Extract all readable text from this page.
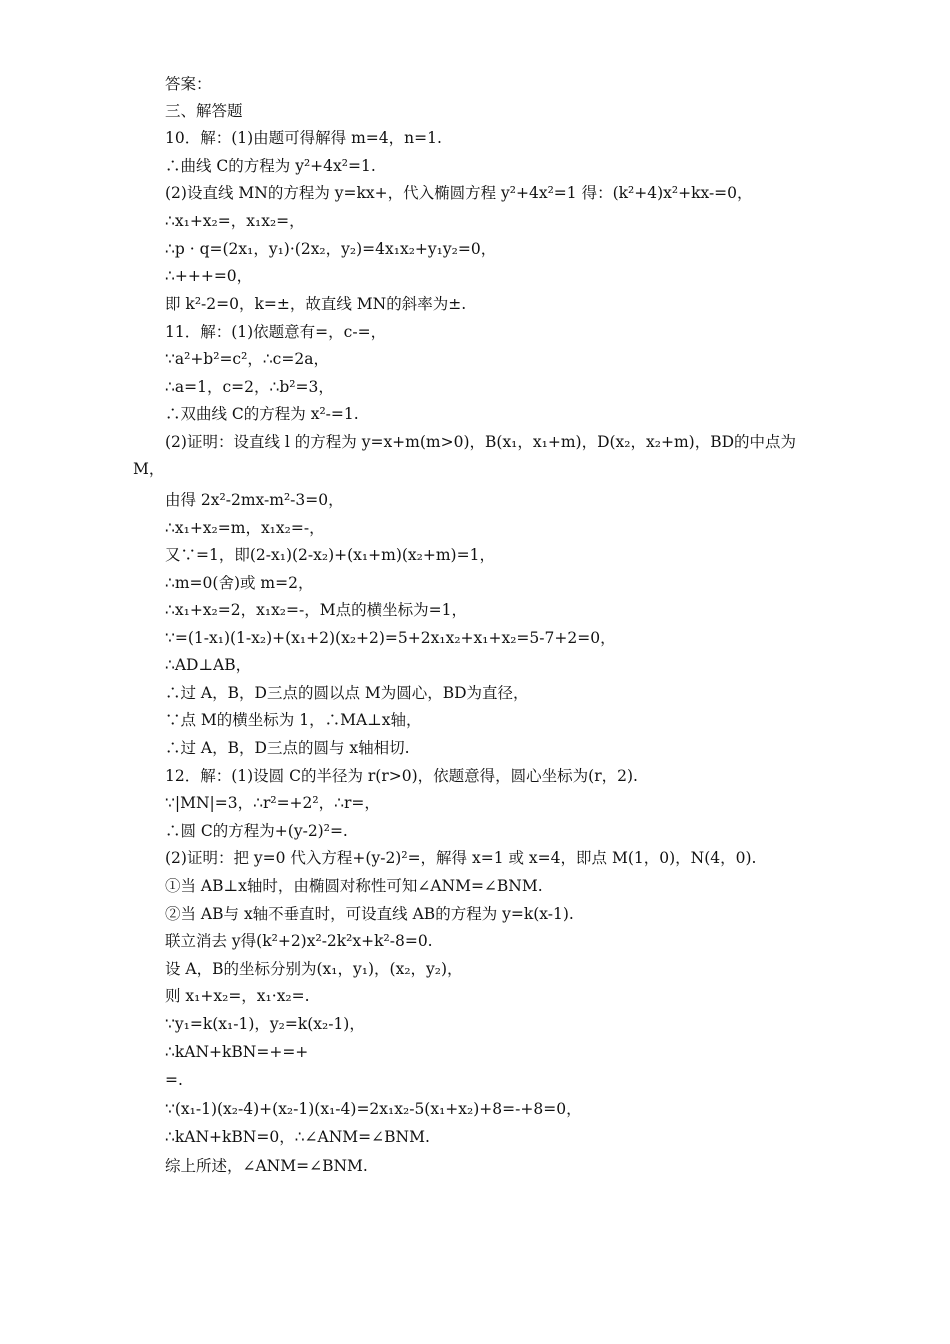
答案：
三、解答题
10．解：(1)由题可得解得 m=4，n=1.
∴曲线 C的方程为 y²+4x²=1.
(2)设直线 MN的方程为 y=kx+，代入椭圆方程 y²+4x²=1 得：(k²+4)x²+kx-=0，
∴x₁+x₂=，x₁x₂=，
∴p · q=(2x₁，y₁)·(2x₂，y₂)=4x₁x₂+y₁y₂=0，
∴+++=0，
即 k²-2=0，k=±，故直线 MN的斜率为±.
11．解：(1)依题意有=，c-=，
∵a²+b²=c²，∴c=2a，
∴a=1，c=2，∴b²=3，
∴双曲线 C的方程为 x²-=1.
(2)证明：设直线 l 的方程为 y=x+m(m>0)，B(x₁，x₁+m)，D(x₂，x₂+m)，BD的中点为
M，
由得 2x²-2mx-m²-3=0，
∴x₁+x₂=m，x₁x₂=-，
又∵=1，即(2-x₁)(2-x₂)+(x₁+m)(x₂+m)=1，
∴m=0(舍)或 m=2，
∴x₁+x₂=2，x₁x₂=-，M点的横坐标为=1，
∵=(1-x₁)(1-x₂)+(x₁+2)(x₂+2)=5+2x₁x₂+x₁+x₂=5-7+2=0，
∴AD⊥AB，
∴过 A，B，D三点的圆以点 M为圆心，BD为直径，
∵点 M的横坐标为 1，∴MA⊥x轴，
∴过 A，B，D三点的圆与 x轴相切.
12．解：(1)设圆 C的半径为 r(r>0)，依题意得，圆心坐标为(r，2).
∵|MN|=3，∴r²=+2²，∴r=，
∴圆 C的方程为+(y-2)²=.
(2)证明：把 y=0 代入方程+(y-2)²=，解得 x=1 或 x=4，即点 M(1，0)，N(4，0).
①当 AB⊥x轴时，由椭圆对称性可知∠ANM=∠BNM.
②当 AB与 x轴不垂直时，可设直线 AB的方程为 y=k(x-1).
联立消去 y得(k²+2)x²-2k²x+k²-8=0.
设 A，B的坐标分别为(x₁，y₁)，(x₂，y₂)，
则 x₁+x₂=，x₁·x₂=.
∵y₁=k(x₁-1)，y₂=k(x₂-1)，
∴kAN+kBN=+=+
=.
∵(x₁-1)(x₂-4)+(x₂-1)(x₁-4)=2x₁x₂-5(x₁+x₂)+8=-+8=0，
∴kAN+kBN=0，∴∠ANM=∠BNM.
综上所述，∠ANM=∠BNM.
